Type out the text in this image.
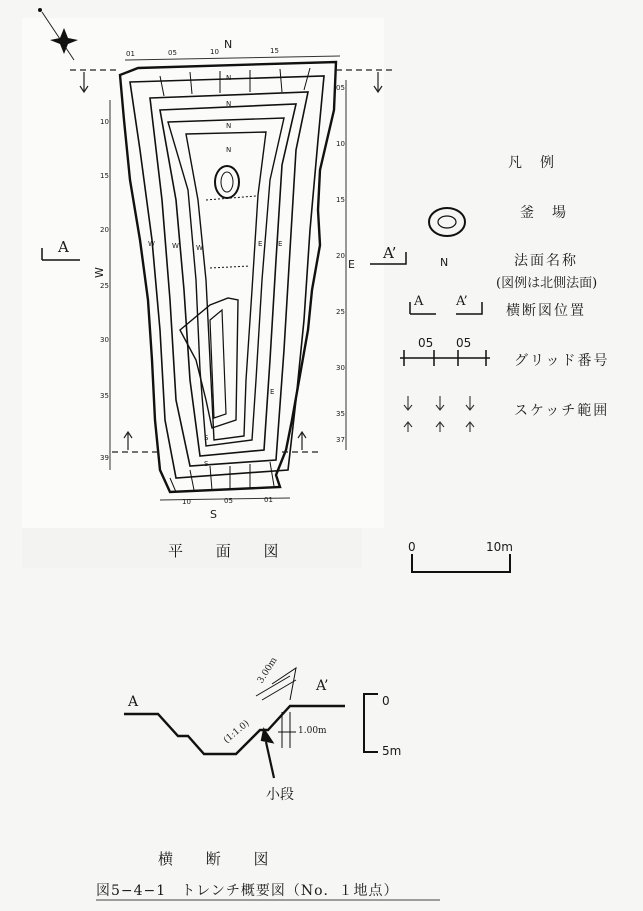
N
S
W
E
A	A’
平 面 図
01	05	10	15
10	05	01
10
15
20
25
30
35
39
05
10
15
20
25
30
35
37
N
N
N
N
W W W	E E
E
S
S
凡　例
釜　場
法面名称
(図例は北側法面)
N
A	A’
横断図位置
05 05
グリッド番号
スケッチ範囲
0	10m
A
A’
3.00m
(1:1.0)	1.00m
小段
0
5m
横 断 図
図5−4−1　トレンチ概要図（No．１地点）
